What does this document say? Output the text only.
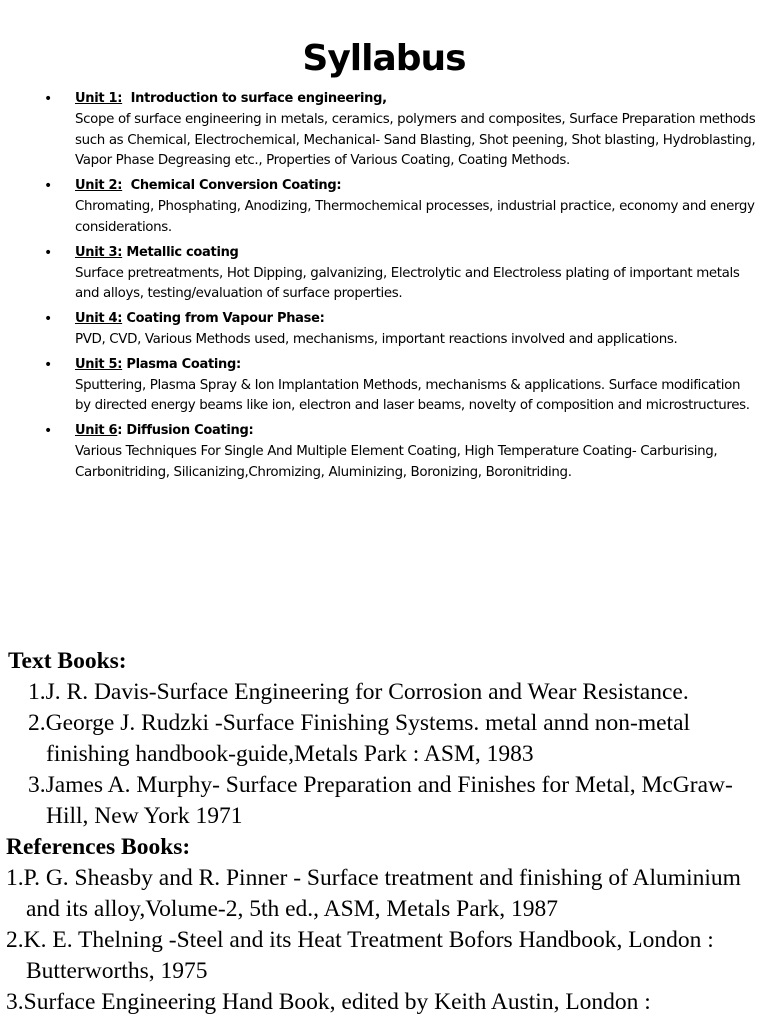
Syllabus
• Unit 1:  Introduction to surface engineering,
Scope of surface engineering in metals, ceramics, polymers and composites, Surface Preparation methods such as Chemical, Electrochemical, Mechanical- Sand Blasting, Shot peening, Shot blasting, Hydroblasting, Vapor Phase Degreasing etc., Properties of Various Coating, Coating Methods.
• Unit 2:  Chemical Conversion Coating:
Chromating, Phosphating, Anodizing, Thermochemical processes, industrial practice, economy and energy considerations.
• Unit 3: Metallic coating
Surface pretreatments, Hot Dipping, galvanizing, Electrolytic and Electroless plating of important metals and alloys, testing/evaluation of surface properties.
• Unit 4: Coating from Vapour Phase:
PVD, CVD, Various Methods used, mechanisms, important reactions involved and applications.
• Unit 5: Plasma Coating:
Sputtering, Plasma Spray & Ion Implantation Methods, mechanisms & applications. Surface modification by directed energy beams like ion, electron and laser beams, novelty of composition and microstructures.
• Unit 6: Diffusion Coating:
Various Techniques For Single And Multiple Element Coating, High Temperature Coating- Carburising, Carbonitriding, Silicanizing,Chromizing, Aluminizing, Boronizing, Boronitriding.
Text Books:
1.J. R. Davis-Surface Engineering for Corrosion and Wear Resistance.
2.George J. Rudzki -Surface Finishing Systems. metal annd non-metal finishing handbook-guide,Metals Park : ASM, 1983
3.James A. Murphy- Surface Preparation and Finishes for Metal, McGraw-Hill, New York 1971
References Books:
1.P. G. Sheasby and R. Pinner - Surface treatment and finishing of Aluminium and its alloy,Volume-2, 5th ed., ASM, Metals Park, 1987
2.K. E. Thelning -Steel and its Heat Treatment Bofors Handbook, London : Butterworths, 1975
3.Surface Engineering Hand Book, edited by Keith Austin, London :
